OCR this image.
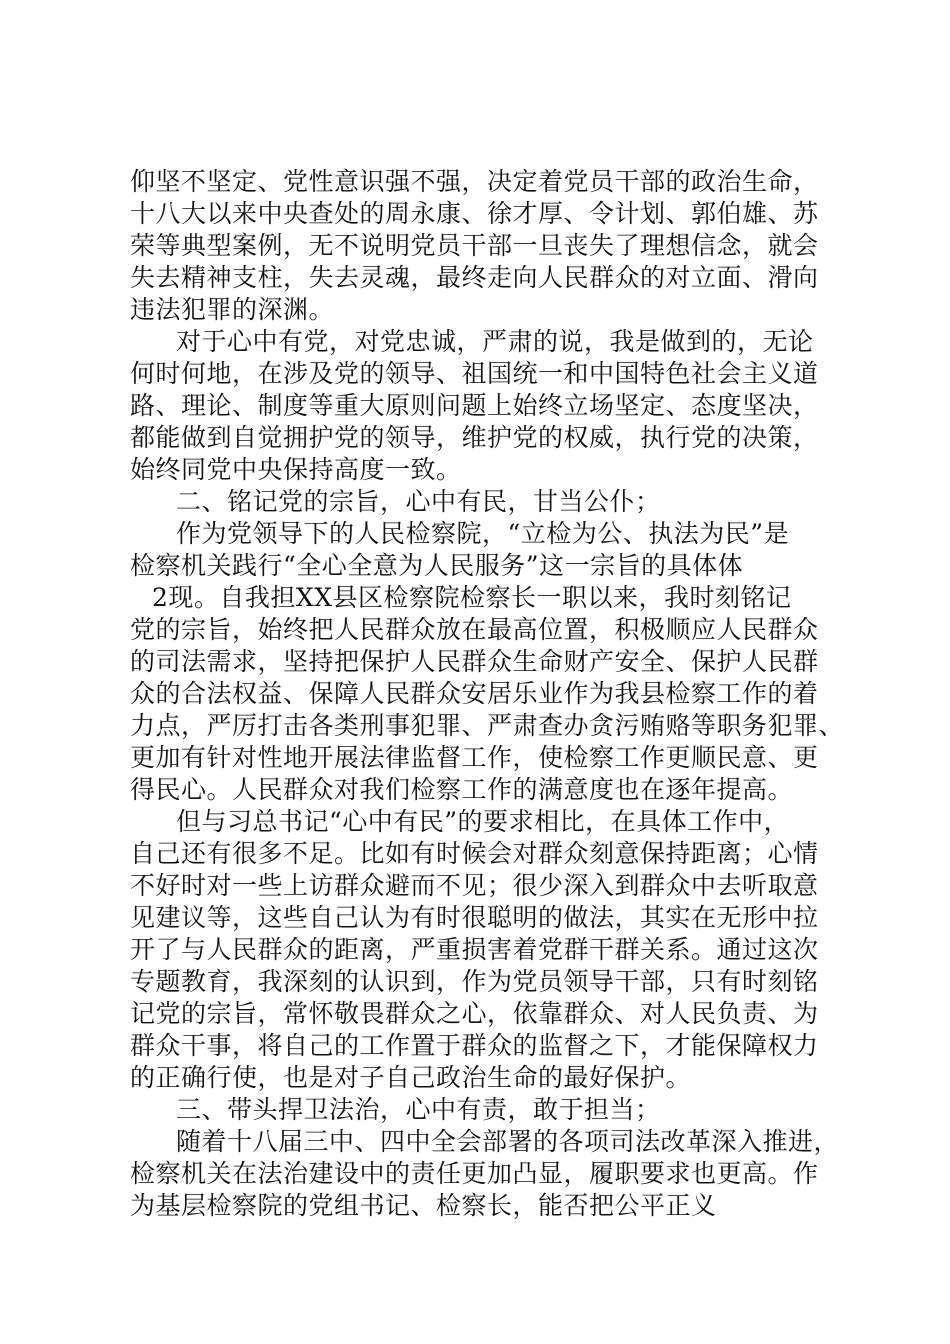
仰坚不坚定、党性意识强不强，决定着党员干部的政治生命，
十八大以来中央查处的周永康、徐才厚、令计划、郭伯雄、苏
荣等典型案例，无不说明党员干部一旦丧失了理想信念，就会
失去精神支柱，失去灵魂，最终走向人民群众的对立面、滑向
违法犯罪的深渊。
对于心中有党，对党忠诚，严肃的说，我是做到的，无论
何时何地，在涉及党的领导、祖国统一和中国特色社会主义道
路、理论、制度等重大原则问题上始终立场坚定、态度坚决，
都能做到自觉拥护党的领导，维护党的权威，执行党的决策，
始终同党中央保持高度一致。
二、铭记党的宗旨，心中有民，甘当公仆；
作为党领导下的人民检察院，“立检为公、执法为民”是
检察机关践行“全心全意为人民服务”这一宗旨的具体体
2现。自我担XX县区检察院检察长一职以来，我时刻铭记
党的宗旨，始终把人民群众放在最高位置，积极顺应人民群众
的司法需求，坚持把保护人民群众生命财产安全、保护人民群
众的合法权益、保障人民群众安居乐业作为我县检察工作的着
力点，严厉打击各类刑事犯罪、严肃查办贪污贿赂等职务犯罪、
更加有针对性地开展法律监督工作，使检察工作更顺民意、更
得民心。人民群众对我们检察工作的满意度也在逐年提高。
但与习总书记“心中有民”的要求相比，在具体工作中，
自己还有很多不足。比如有时候会对群众刻意保持距离；心情
不好时对一些上访群众避而不见；很少深入到群众中去听取意
见建议等，这些自己认为有时很聪明的做法，其实在无形中拉
开了与人民群众的距离，严重损害着党群干群关系。通过这次
专题教育，我深刻的认识到，作为党员领导干部，只有时刻铭
记党的宗旨，常怀敬畏群众之心，依靠群众、对人民负责、为
群众干事，将自己的工作置于群众的监督之下，才能保障权力
的正确行使，也是对子自己政治生命的最好保护。
三、带头捍卫法治，心中有责，敢于担当；
随着十八届三中、四中全会部署的各项司法改革深入推进，
检察机关在法治建设中的责任更加凸显，履职要求也更高。作
为基层检察院的党组书记、检察长，能否把公平正义
